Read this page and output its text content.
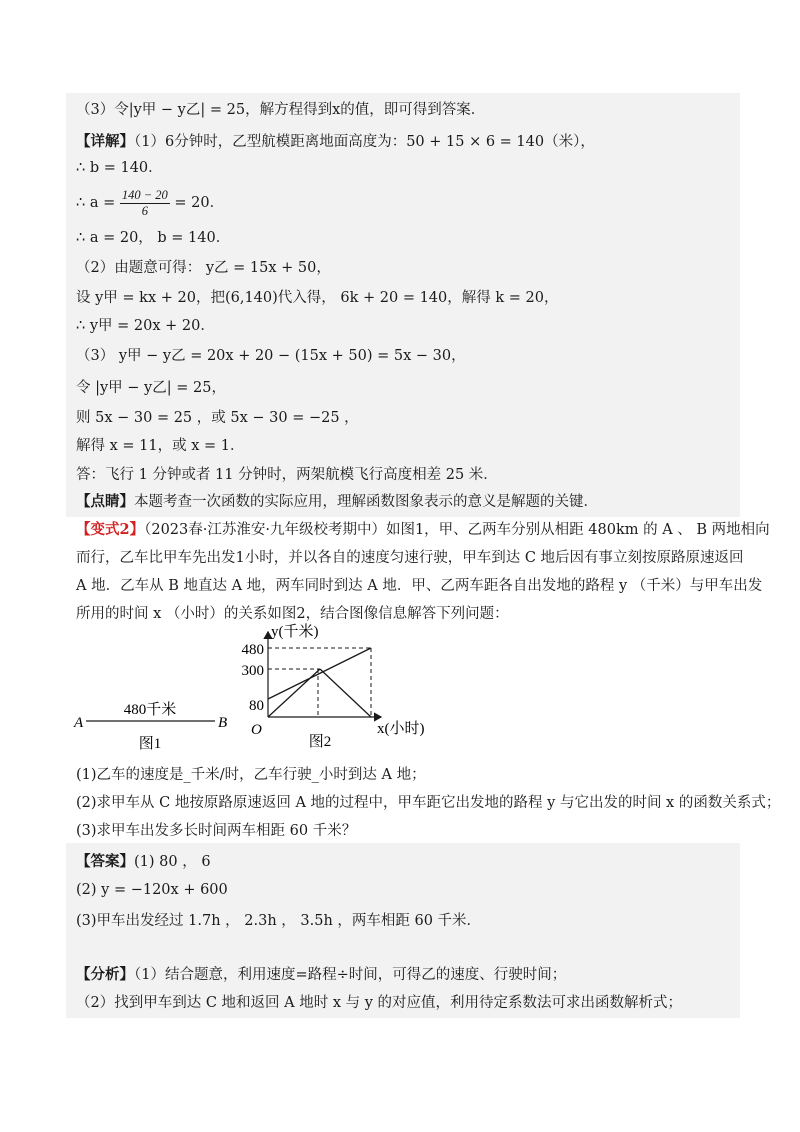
（3）令|y甲 − y乙| = 25，解方程得到x的值，即可得到答案．
【详解】（1）6分钟时，乙型航模距离地面高度为：50 + 15 × 6 = 140（米），
∴ b = 140．
∴ $a = \frac{140 - 20}{6} = 20$．
∴ a = 20， b = 140．
（2）由题意可得： y乙 = 15x + 50，
设 y甲 = kx + 20，把(6,140)代入得， 6k + 20 = 140，解得 k = 20，
∴ y甲 = 20x + 20．
（3） y甲 − y乙 = 20x + 20 − (15x + 50) = 5x − 30，
令 |y甲 − y乙| = 25，
则 5x − 30 = 25 ，或 5x − 30 = −25 ，
解得 x = 11，或 x = 1．
答：飞行 1 分钟或者 11 分钟时，两架航模飞行高度相差 25 米．
【点睛】本题考查一次函数的实际应用，理解函数图象表示的意义是解题的关键．
【变式2】（2023春·江苏淮安·九年级校考期中）如图1，甲、乙两车分别从相距 480km 的 A 、 B 两地相向
而行，乙车比甲车先出发1小时，并以各自的速度匀速行驶，甲车到达 C 地后因有事立刻按原路原速返回
A 地．乙车从 B 地直达 A 地，两车同时到达 A 地．甲、乙两车距各自出发地的路程 y （千米）与甲车出发
所用的时间 x （小时）的关系如图2，结合图像信息解答下列问题：
480千米
A	B
图1
y(千米)
x(小时)
O
480
300
80
图2
(1)乙车的速度是_千米/时，乙车行驶_小时到达 A 地；
(2)求甲车从 C 地按原路原速返回 A 地的过程中，甲车距它出发地的路程 y 与它出发的时间 x 的函数关系式；
(3)求甲车出发多长时间两车相距 60 千米？
【答案】(1) 80 ， 6
(2) y = −120x + 600
(3)甲车出发经过 1.7h ， 2.3h ， 3.5h ，两车相距 60 千米．
【分析】（1）结合题意，利用速度=路程÷时间，可得乙的速度、行驶时间；
（2）找到甲车到达 C 地和返回 A 地时 x 与 y 的对应值，利用待定系数法可求出函数解析式；
